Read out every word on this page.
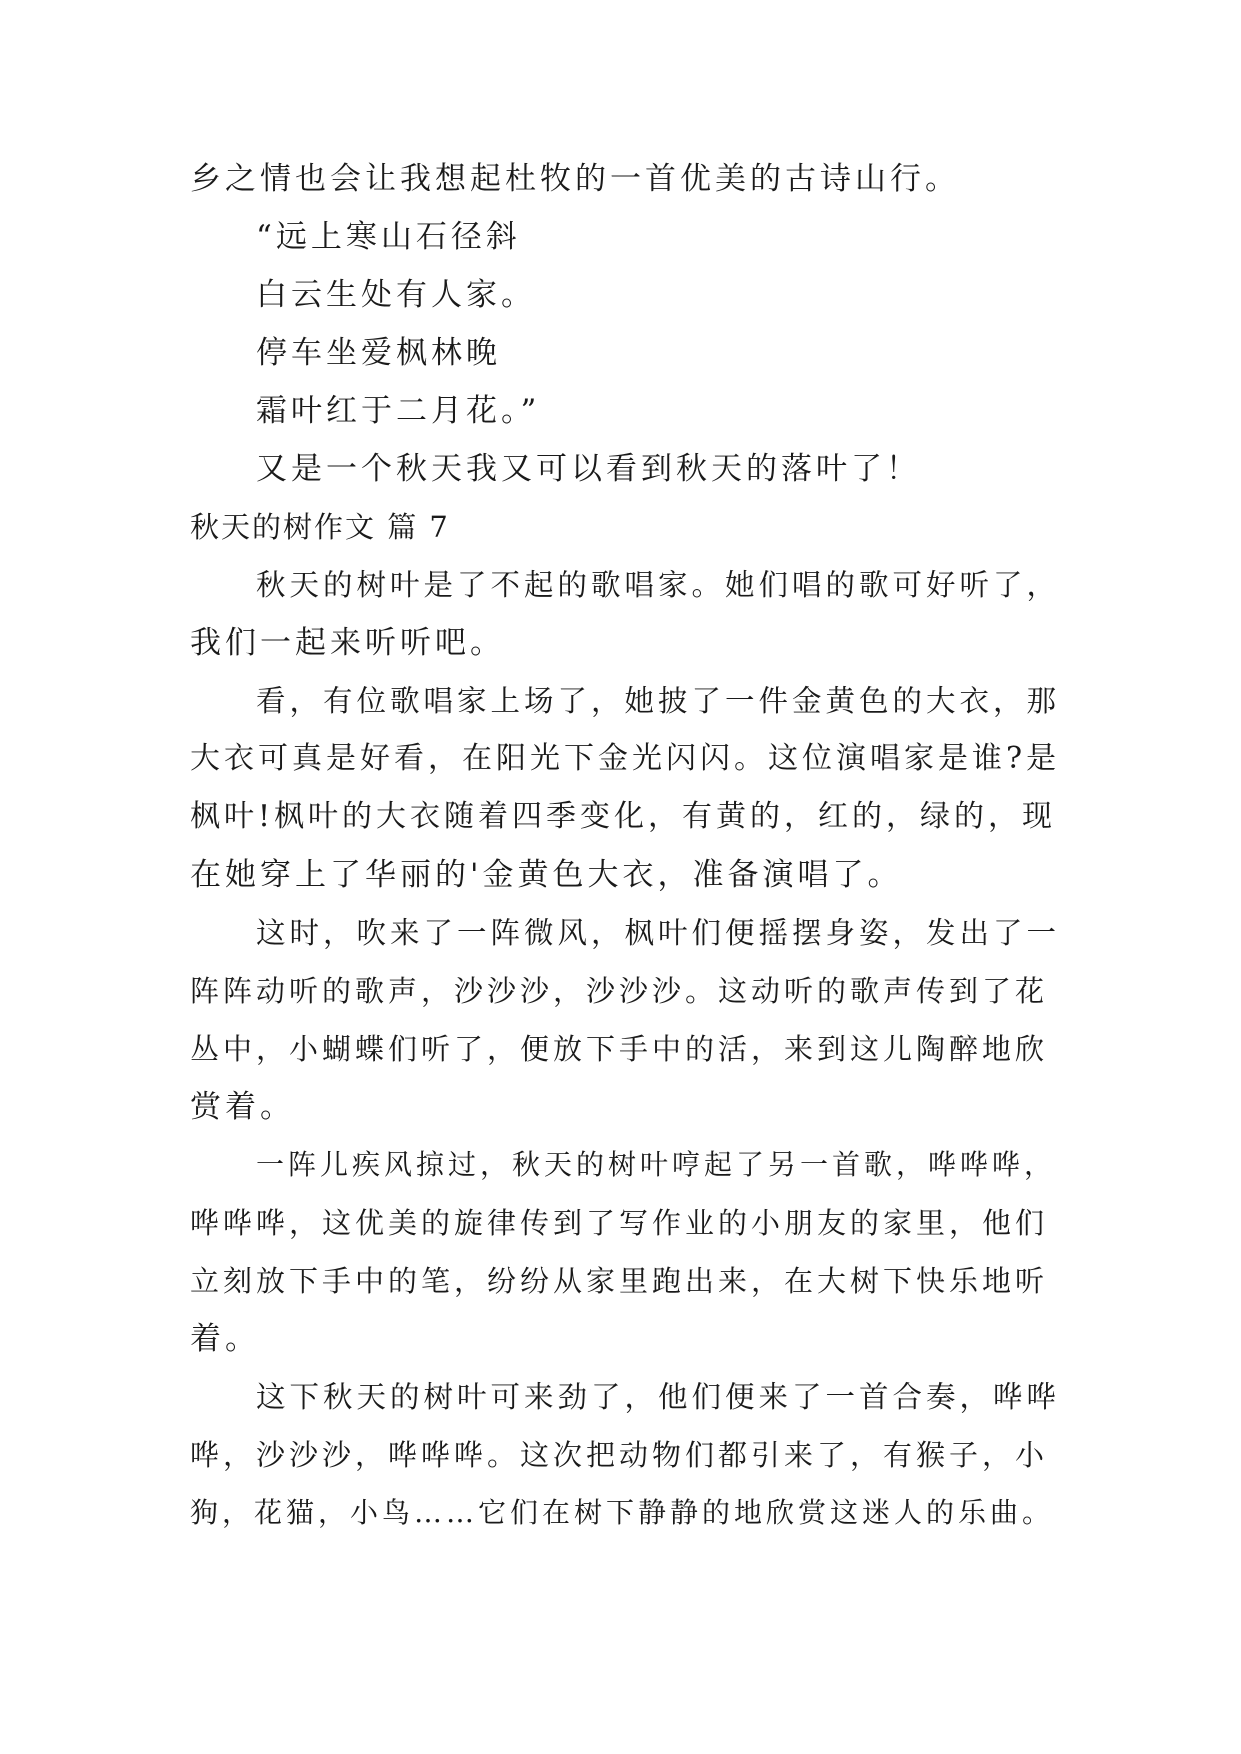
乡之情也会让我想起杜牧的一首优美的古诗山行。
“远上寒山石径斜
白云生处有人家。
停车坐爱枫林晚
霜叶红于二月花。”
又是一个秋天我又可以看到秋天的落叶了！
秋天的树作文 篇 7
秋天的树叶是了不起的歌唱家。她们唱的歌可好听了，
我们一起来听听吧。
看，有位歌唱家上场了，她披了一件金黄色的大衣，那
大衣可真是好看，在阳光下金光闪闪。这位演唱家是谁?是
枫叶!枫叶的大衣随着四季变化，有黄的，红的，绿的，现
在她穿上了华丽的'金黄色大衣，准备演唱了。
这时，吹来了一阵微风，枫叶们便摇摆身姿，发出了一
阵阵动听的歌声，沙沙沙，沙沙沙。这动听的歌声传到了花
丛中，小蝴蝶们听了，便放下手中的活，来到这儿陶醉地欣
赏着。
一阵儿疾风掠过，秋天的树叶哼起了另一首歌，哗哗哗，
哗哗哗，这优美的旋律传到了写作业的小朋友的家里，他们
立刻放下手中的笔，纷纷从家里跑出来，在大树下快乐地听
着。
这下秋天的树叶可来劲了，他们便来了一首合奏，哗哗
哗，沙沙沙，哗哗哗。这次把动物们都引来了，有猴子，小
狗，花猫，小鸟……它们在树下静静的地欣赏这迷人的乐曲。
